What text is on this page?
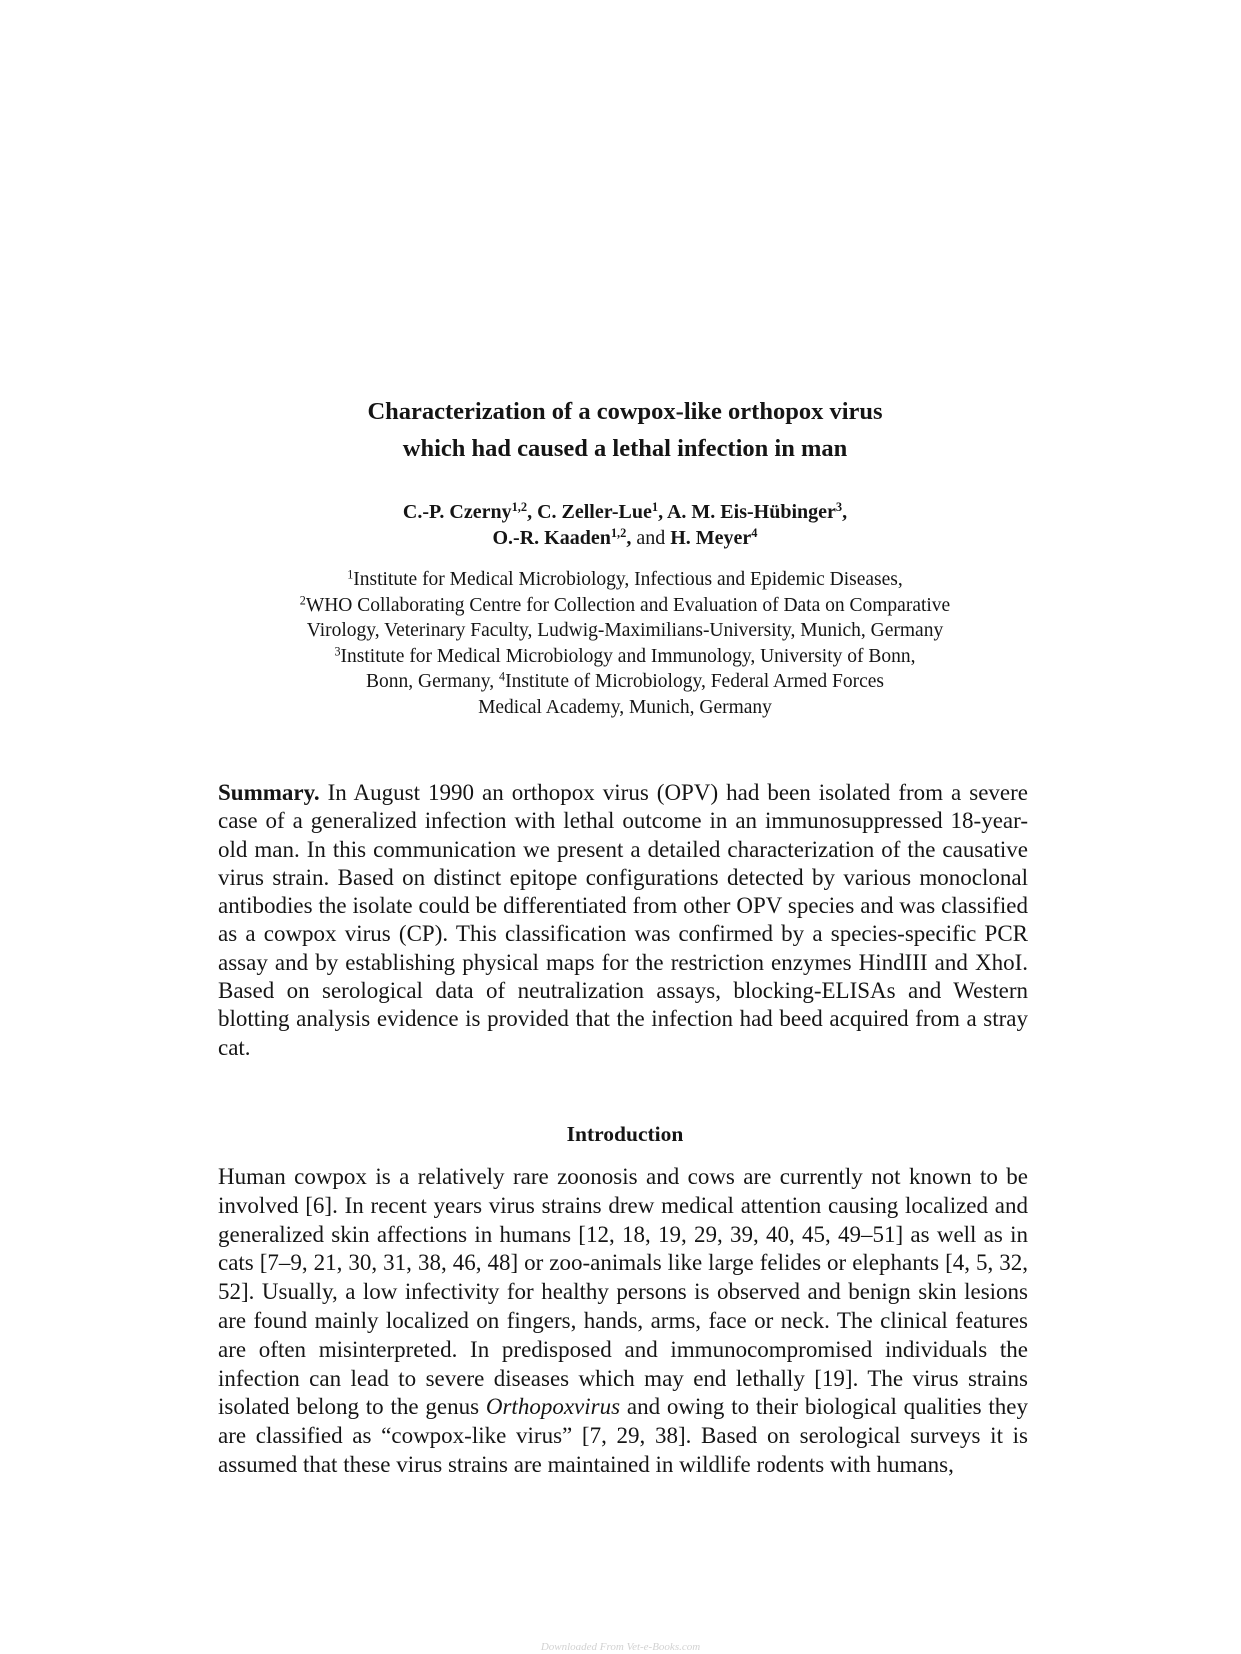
Characterization of a cowpox-like orthopox virus
which had caused a lethal infection in man
C.-P. Czerny$^{1,2}$, C. Zeller-Lue$^1$, A. M. Eis-Hübinger$^3$,
O.-R. Kaaden$^{1,2}$, and H. Meyer$^4$
$^1$Institute for Medical Microbiology, Infectious and Epidemic Diseases,
$^2$WHO Collaborating Centre for Collection and Evaluation of Data on Comparative
Virology, Veterinary Faculty, Ludwig-Maximilians-University, Munich, Germany
$^3$Institute for Medical Microbiology and Immunology, University of Bonn,
Bonn, Germany, $^4$Institute of Microbiology, Federal Armed Forces
Medical Academy, Munich, Germany

Summary. In August 1990 an orthopox virus (OPV) had been isolated from a severe case of a generalized infection with lethal outcome in an immunosuppressed 18-year-old man. In this communication we present a detailed characterization of the causative virus strain. Based on distinct epitope configurations detected by various monoclonal antibodies the isolate could be differentiated from other OPV species and was classified as a cowpox virus (CP). This classification was confirmed by a species-specific PCR assay and by establishing physical maps for the restriction enzymes HindIII and XhoI. Based on serological data of neutralization assays, blocking-ELISAs and Western blotting analysis evidence is provided that the infection had beed acquired from a stray cat.

Introduction

Human cowpox is a relatively rare zoonosis and cows are currently not known to be involved [6]. In recent years virus strains drew medical attention causing localized and generalized skin affections in humans [12, 18, 19, 29, 39, 40, 45, 49–51] as well as in cats [7–9, 21, 30, 31, 38, 46, 48] or zoo-animals like large felides or elephants [4, 5, 32, 52]. Usually, a low infectivity for healthy persons is observed and benign skin lesions are found mainly localized on fingers, hands, arms, face or neck. The clinical features are often misinterpreted. In predisposed and immunocompromised individuals the infection can lead to severe diseases which may end lethally [19]. The virus strains isolated belong to the genus Orthopoxvirus and owing to their biological qualities they are classified as “cowpox-like virus” [7, 29, 38]. Based on serological surveys it is assumed that these virus strains are maintained in wildlife rodents with humans,

Downloaded From Vet-e-Books.com
